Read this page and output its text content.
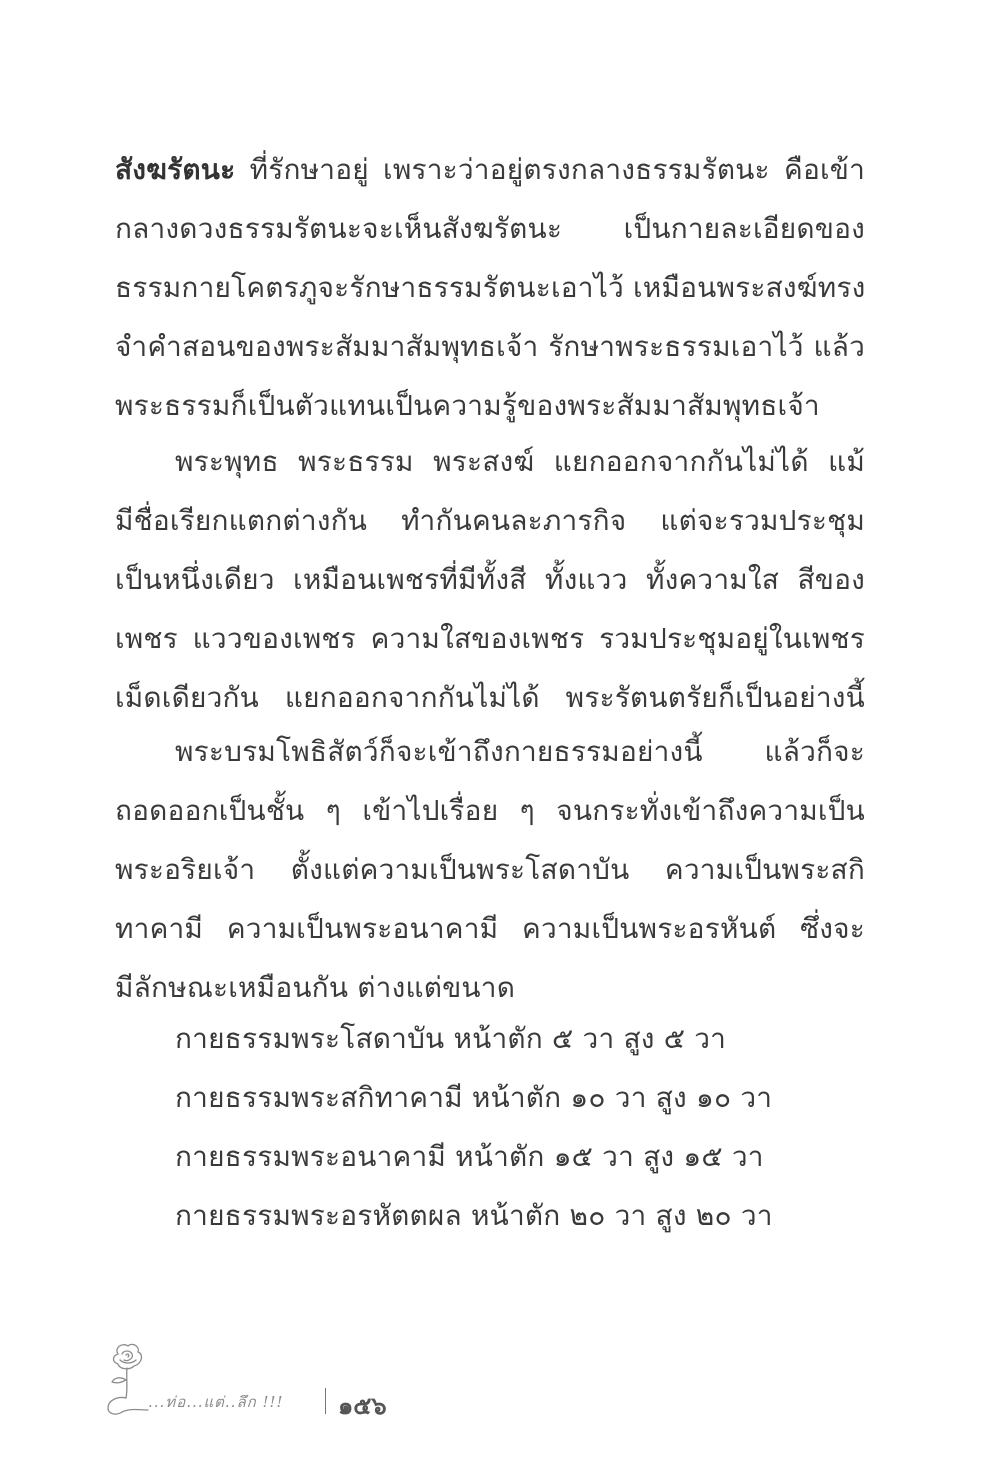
สังฆรัตนะ ที่รักษาอยู่ เพราะว่าอยู่ตรงกลางธรรมรัตนะ คือเข้า
กลางดวงธรรมรัตนะจะเห็นสังฆรัตนะ เป็นกายละเอียดของ
ธรรมกายโคตรภูจะรักษาธรรมรัตนะเอาไว้ เหมือนพระสงฆ์ทรง
จำคำสอนของพระสัมมาสัมพุทธเจ้า รักษาพระธรรมเอาไว้ แล้ว
พระธรรมก็เป็นตัวแทนเป็นความรู้ของพระสัมมาสัมพุทธเจ้า
พระพุทธ พระธรรม พระสงฆ์ แยกออกจากกันไม่ได้ แม้
มีชื่อเรียกแตกต่างกัน ทำกันคนละภารกิจ แต่จะรวมประชุม
เป็นหนึ่งเดียว เหมือนเพชรที่มีทั้งสี ทั้งแวว ทั้งความใส สีของ
เพชร แววของเพชร ความใสของเพชร รวมประชุมอยู่ในเพชร
เม็ดเดียวกัน แยกออกจากกันไม่ได้ พระรัตนตรัยก็เป็นอย่างนี้
พระบรมโพธิสัตว์ก็จะเข้าถึงกายธรรมอย่างนี้ แล้วก็จะ
ถอดออกเป็นชั้น ๆ เข้าไปเรื่อย ๆ จนกระทั่งเข้าถึงความเป็น
พระอริยเจ้า ตั้งแต่ความเป็นพระโสดาบัน ความเป็นพระสกิ
ทาคามี ความเป็นพระอนาคามี ความเป็นพระอรหันต์ ซึ่งจะ
มีลักษณะเหมือนกัน ต่างแต่ขนาด
กายธรรมพระโสดาบัน หน้าตัก ๕ วา สูง ๕ วา
กายธรรมพระสกิทาคามี หน้าตัก ๑๐ วา สูง ๑๐ วา
กายธรรมพระอนาคามี หน้าตัก ๑๕ วา สูง ๑๕ วา
กายธรรมพระอรหัตตผล หน้าตัก ๒๐ วา สูง ๒๐ วา
...ท่อ...แต่..ลึก !!! ๑๕๖
